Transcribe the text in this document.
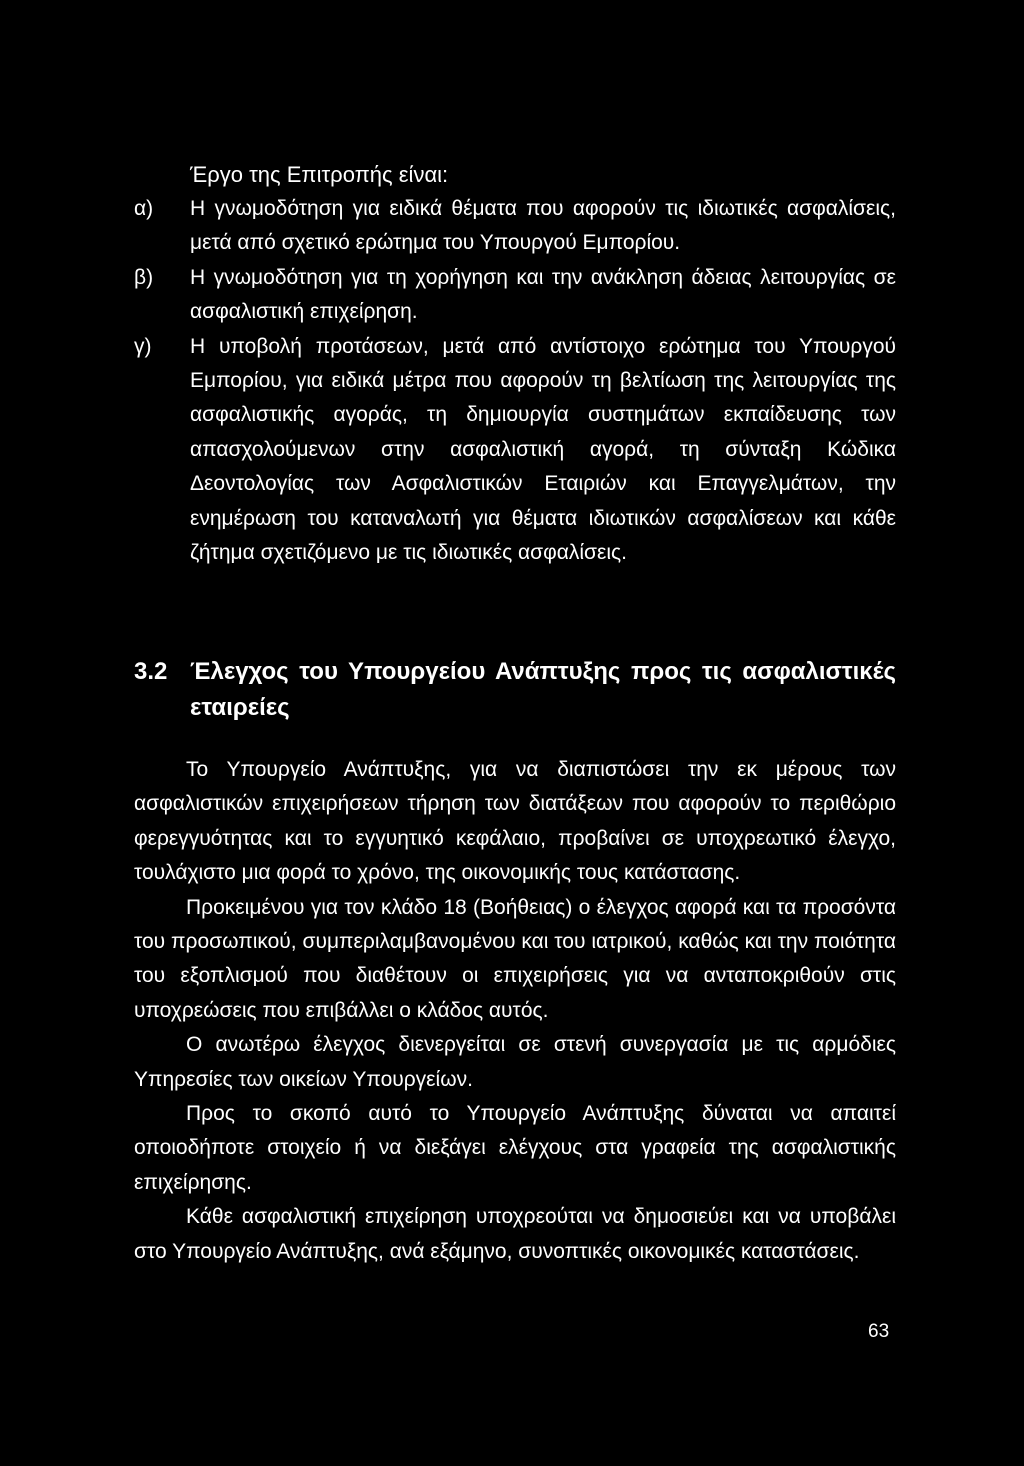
Έργο της Επιτροπής είναι:
α) Η γνωμοδότηση για ειδικά θέματα που αφορούν τις ιδιωτικές ασφαλίσεις, μετά από σχετικό ερώτημα του Υπουργού Εμπορίου.
β) Η γνωμοδότηση για τη χορήγηση και την ανάκληση άδειας λειτουργίας σε ασφαλιστική επιχείρηση.
γ) Η υποβολή προτάσεων, μετά από αντίστοιχο ερώτημα του Υπουργού Εμπορίου, για ειδικά μέτρα που αφορούν τη βελτίωση της λειτουργίας της ασφαλιστικής αγοράς, τη δημιουργία συστημάτων εκπαίδευσης των απασχολούμενων στην ασφαλιστική αγορά, τη σύνταξη Κώδικα Δεοντολογίας των Ασφαλιστικών Εταιριών και Επαγγελμάτων, την ενημέρωση του καταναλωτή για θέματα ιδιωτικών ασφαλίσεων και κάθε ζήτημα σχετιζόμενο με τις ιδιωτικές ασφαλίσεις.
3.2 Έλεγχος του Υπουργείου Ανάπτυξης προς τις ασφαλιστικές εταιρείες

Το Υπουργείο Ανάπτυξης, για να διαπιστώσει την εκ μέρους των ασφαλιστικών επιχειρήσεων τήρηση των διατάξεων που αφορούν το περιθώριο φερεγγυότητας και το εγγυητικό κεφάλαιο, προβαίνει σε υποχρεωτικό έλεγχο, τουλάχιστο μια φορά το χρόνο, της οικονομικής τους κατάστασης.

Προκειμένου για τον κλάδο 18 (Βοήθειας) ο έλεγχος αφορά και τα προσόντα του προσωπικού, συμπεριλαμβανομένου και του ιατρικού, καθώς και την ποιότητα του εξοπλισμού που διαθέτουν οι επιχειρήσεις για να ανταποκριθούν στις υποχρεώσεις που επιβάλλει ο κλάδος αυτός.

Ο ανωτέρω έλεγχος διενεργείται σε στενή συνεργασία με τις αρμόδιες Υπηρεσίες των οικείων Υπουργείων.

Προς το σκοπό αυτό το Υπουργείο Ανάπτυξης δύναται να απαιτεί οποιοδήποτε στοιχείο ή να διεξάγει ελέγχους στα γραφεία της ασφαλιστικής επιχείρησης.

Κάθε ασφαλιστική επιχείρηση υποχρεούται να δημοσιεύει και να υποβάλει στο Υπουργείο Ανάπτυξης, ανά εξάμηνο, συνοπτικές οικονομικές καταστάσεις.

63
